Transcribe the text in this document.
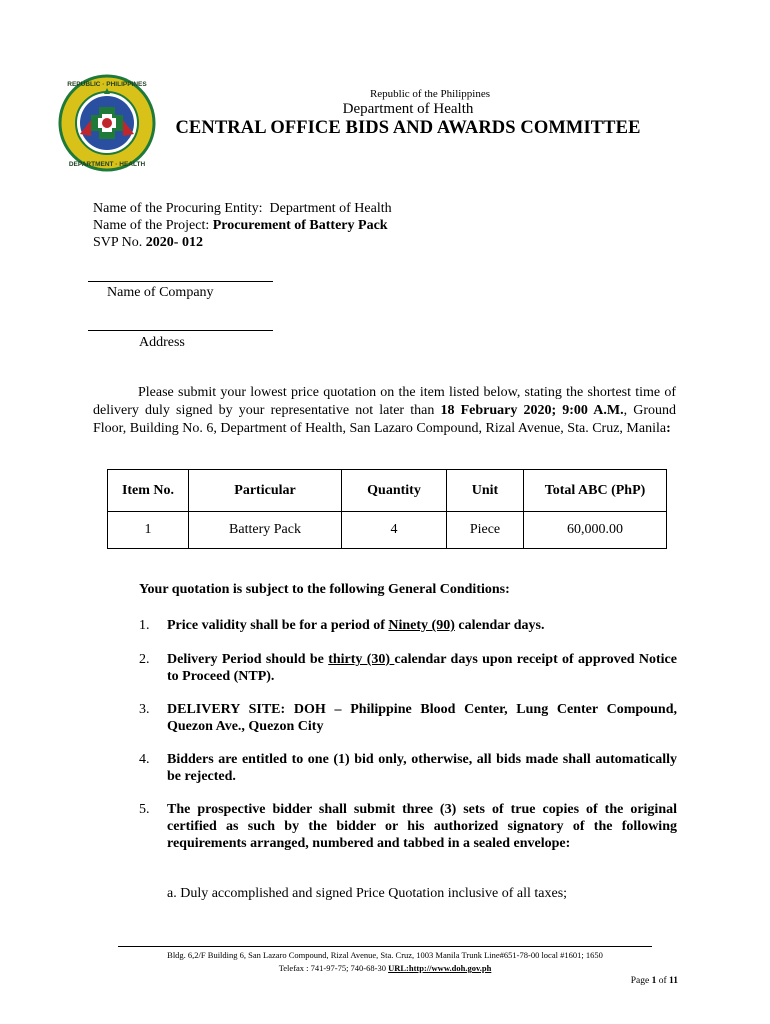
REPUBLIC · PHILIPPINES
DEPARTMENT · HEALTH
Republic of the Philippines
Department of Health
CENTRAL OFFICE BIDS AND AWARDS COMMITTEE
Name of the Procuring Entity: Department of Health
Name of the Project: Procurement of Battery Pack
SVP No. 2020- 012
Name of Company
Address
Please submit your lowest price quotation on the item listed below, stating the shortest time of delivery duly signed by your representative not later than 18 February 2020; 9:00 A.M., Ground Floor, Building No. 6, Department of Health, San Lazaro Compound, Rizal Avenue, Sta. Cruz, Manila:
Item No.	Particular	Quantity	Unit	Total ABC (PhP)
1	Battery Pack	4	Piece	60,000.00
Your quotation is subject to the following General Conditions:
1. Price validity shall be for a period of Ninety (90) calendar days.
2. Delivery Period should be thirty (30) calendar days upon receipt of approved Notice to Proceed (NTP).
3. DELIVERY SITE: DOH – Philippine Blood Center, Lung Center Compound, Quezon Ave., Quezon City
4. Bidders are entitled to one (1) bid only, otherwise, all bids made shall automatically be rejected.
5. The prospective bidder shall submit three (3) sets of true copies of the original certified as such by the bidder or his authorized signatory of the following requirements arranged, numbered and tabbed in a sealed envelope:
a. Duly accomplished and signed Price Quotation inclusive of all taxes;
Bldg. 6,2/F Building 6, San Lazaro Compound, Rizal Avenue, Sta. Cruz, 1003 Manila Trunk Line#651-78-00 local #1601; 1650
Telefax : 741-97-75; 740-68-30 URL:http://www.doh.gov.ph
Page 1 of 11
